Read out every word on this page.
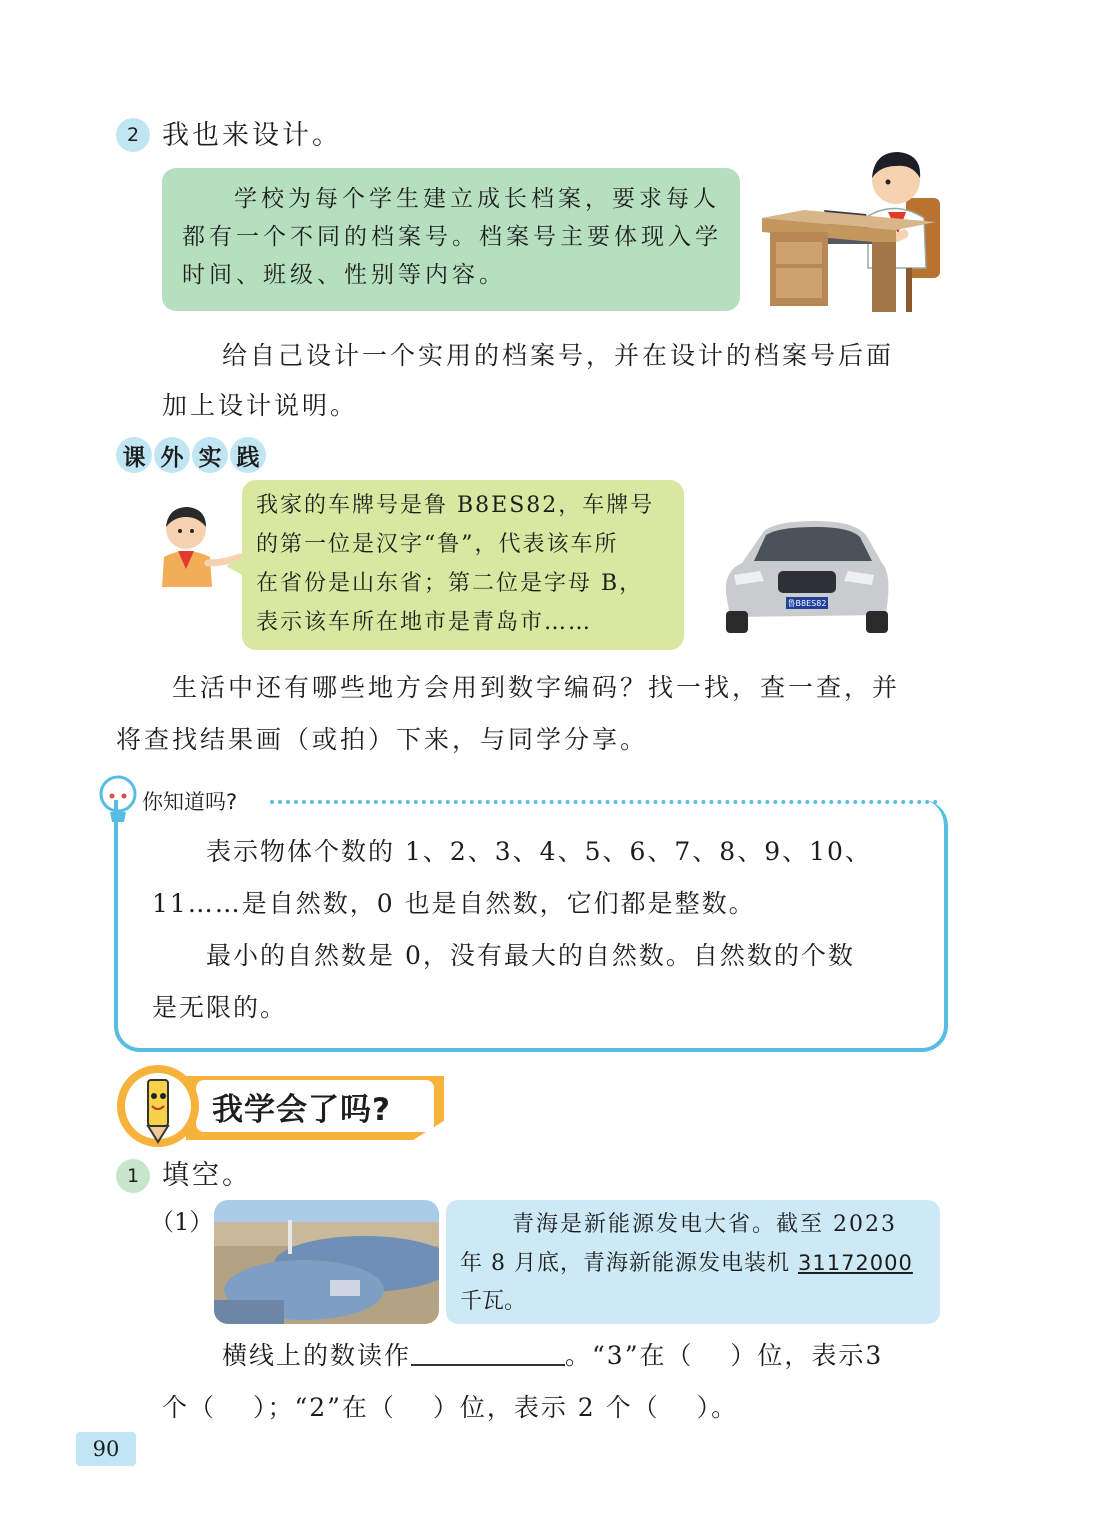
2 我也来设计。
学校为每个学生建立成长档案，要求每人
都有一个不同的档案号。档案号主要体现入学
时间、班级、性别等内容。
给自己设计一个实用的档案号，并在设计的档案号后面
加上设计说明。
课 外 实 践
我家的车牌号是鲁 B8ES82，车牌号
的第一位是汉字“鲁”，代表该车所
在省份是山东省；第二位是字母 B，
表示该车所在地市是青岛市……
鲁B8ES82
生活中还有哪些地方会用到数字编码？找一找，查一查，并
将查找结果画（或拍）下来，与同学分享。
你知道吗?
表示物体个数的 1、2、3、4、5、6、7、8、9、10、
11……是自然数，0 也是自然数，它们都是整数。
最小的自然数是 0，没有最大的自然数。自然数的个数
是无限的。
我学会了吗?
1 填空。
（1）	青海是新能源发电大省。截至 2023
年 8 月底，青海新能源发电装机 31172000
千瓦。
横线上的数读作	。“3”在（　 ）位，表示3
个（　 ）；“2”在（　 ）位，表示 2 个（　 ）。
90
